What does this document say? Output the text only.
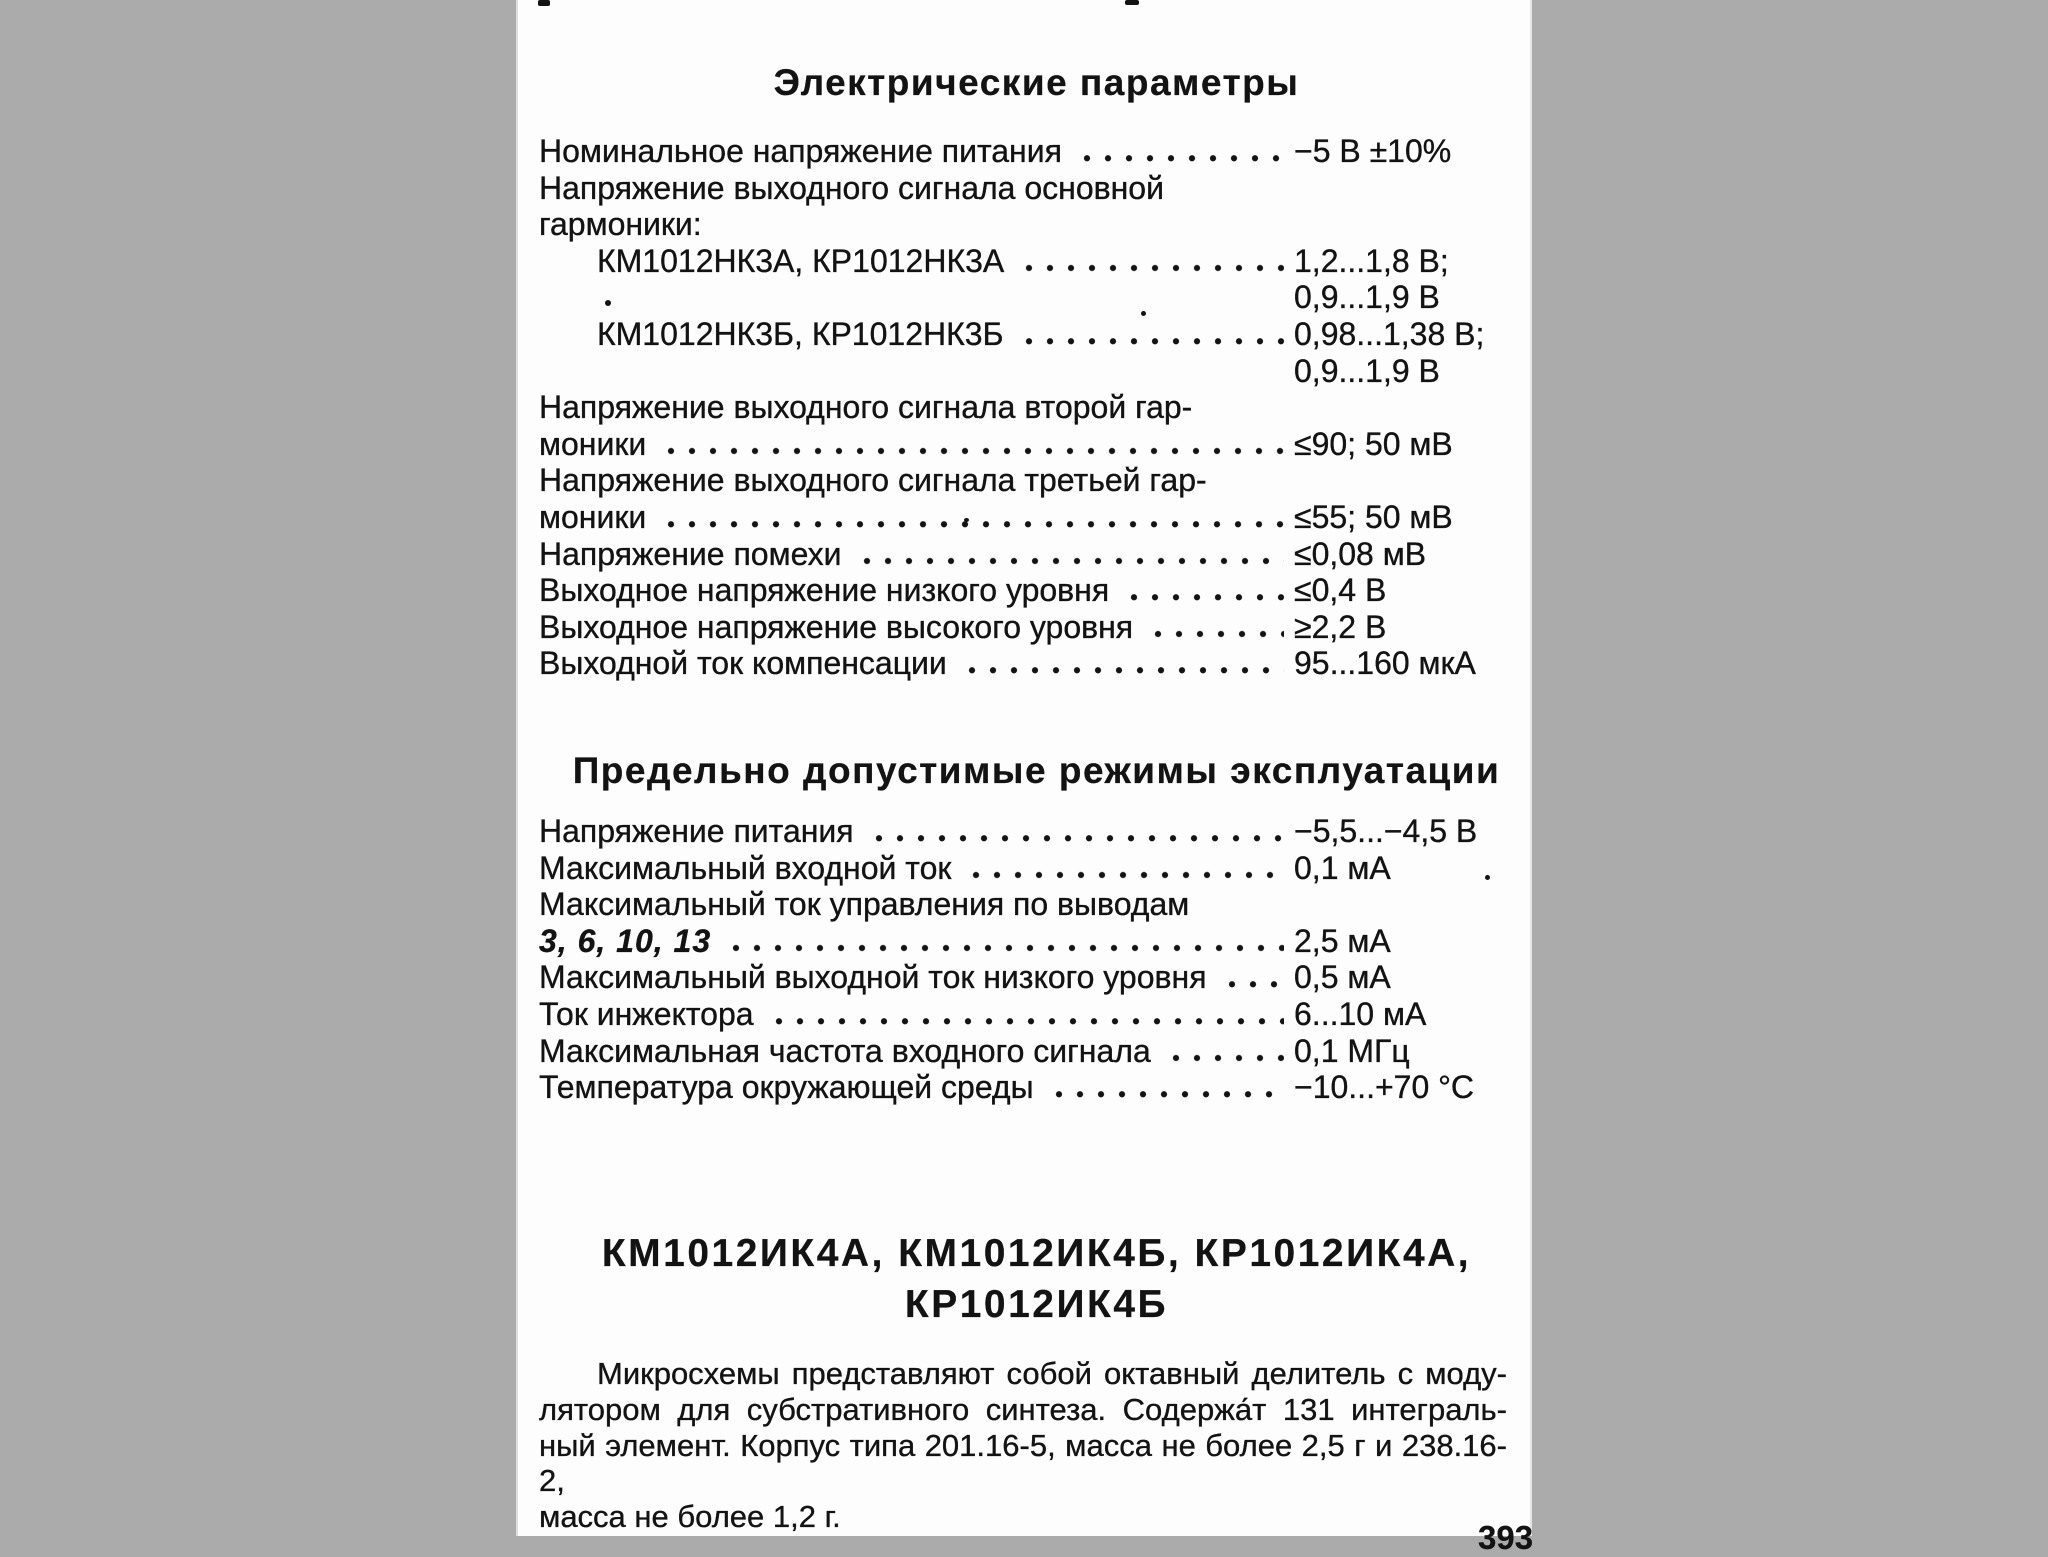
Электрические параметры
Номинальное напряжение питания	−5 В ±10%
Напряжение выходного сигнала основной
гармоники:
КМ1012НК3А, КР1012НК3А	1,2...1,8 В;
0,9...1,9 В
КМ1012НК3Б, КР1012НК3Б	0,98...1,38 В;
0,9...1,9 В
Напряжение выходного сигнала второй гар-
моники	≤90; 50 мВ
Напряжение выходного сигнала третьей гар-
моники	≤55; 50 мВ
Напряжение помехи	≤0,08 мВ
Выходное напряжение низкого уровня	≤0,4 В
Выходное напряжение высокого уровня	≥2,2 В
Выходной ток компенсации	95...160 мкА
Предельно допустимые режимы эксплуатации
Напряжение питания	−5,5...−4,5 В
Максимальный входной ток	0,1 мА
Максимальный ток управления по выводам
3, 6, 10, 13	2,5 мА
Максимальный выходной ток низкого уровня	0,5 мА
Ток инжектора	6...10 мА
Максимальная частота входного сигнала	0,1 МГц
Температура окружающей среды	−10...+70 °С
КМ1012ИК4А, КМ1012ИК4Б, КР1012ИК4А,
КР1012ИК4Б
Микросхемы представляют собой октавный делитель с моду-
лятором для субстративного синтеза. Содержа́т 131 интеграль-
ный элемент. Корпус типа 201.16-5, масса не более 2,5 г и 238.16-2,
масса не более 1,2 г.
393
